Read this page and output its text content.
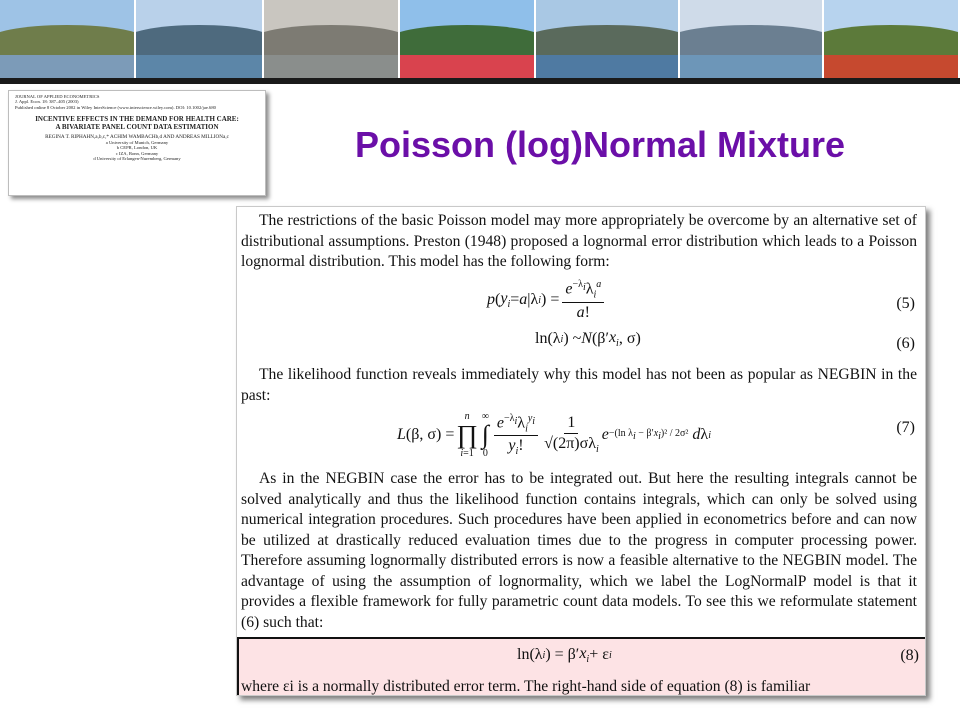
JOURNAL OF APPLIED ECONOMETRICS
J. Appl. Econ. 18: 387–405 (2003)
Published online 8 October 2002 in Wiley InterScience (www.interscience.wiley.com). DOI: 10.1002/jae.680
INCENTIVE EFFECTS IN THE DEMAND FOR HEALTH CARE:
A BIVARIATE PANEL COUNT DATA ESTIMATION
REGINA T. RIPHAHN,a,b,c,* ACHIM WAMBACHb,d AND ANDREAS MILLIONa,c
a University of Munich, Germany
b CEPR, London, UK
c IZA, Bonn, Germany
d University of Erlangen-Nuremberg, Germany	Poisson (log)Normal Mixture

The restrictions of the basic Poisson model may more appropriately be overcome by an alternative set of distributional assumptions. Preston (1948) proposed a lognormal error distribution which leads to a Poisson lognormal distribution. This model has the following form:

p ( $y_i = a$ |λ i ) = $\frac{e^{-\lambda_i}\lambda_i^a}{a!}$	(5)
ln(λ i ) ~ N (β′ $x_i$ , σ)	(6)

The likelihood function reveals immediately why this model has not been as popular as NEGBIN in the past:

L (β, σ) =
n
∏
i=1
∞
∫
$0 \frac{e^{-\lambda_i}\lambda_i^{y_i}}{y_i!} \frac{1}{√(2\pi)\sigma\lambda_i}$ e −(ln $\lambda_i - \beta'x_i)^2 / 2\sigma^2$
d λ i	(7)

As in the NEGBIN case the error has to be integrated out. But here the resulting integrals cannot be solved analytically and thus the likelihood function contains integrals, which can only be solved using numerical integration procedures. Such procedures have been applied in econometrics before and can now be utilized at drastically reduced evaluation times due to the progress in computer processing power. Therefore assuming lognormally distributed errors is now a feasible alternative to the NEGBIN model. The advantage of using the assumption of lognormality, which we label the LogNormalP model is that it provides a flexible framework for fully parametric count data models. To see this we reformulate statement (6) such that:

ln(λ i ) = β′ $x_i + \varepsilon$ i	(8)

where εi is a normally distributed error term. The right-hand side of equation (8) is familiar
